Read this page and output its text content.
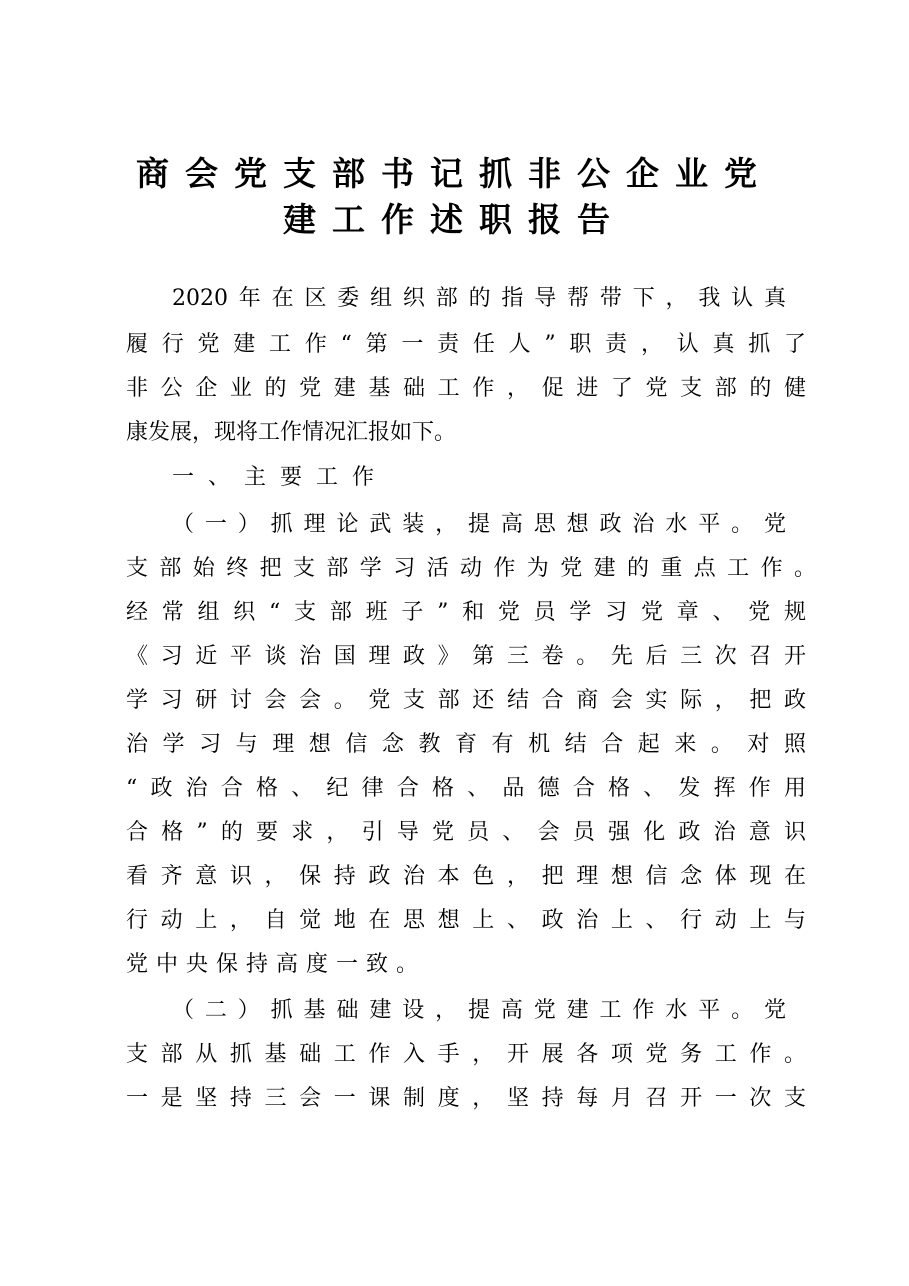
商会党支部书记抓非公企业党
建工作述职报告
2020年在区委组织部的指导帮带下，我认真
履行党建工作“第一责任人”职责，认真抓了
非公企业的党建基础工作，促进了党支部的健
康发展，现将工作情况汇报如下。
一、主要工作
（一）抓理论武装，提高思想政治水平。党
支部始终把支部学习活动作为党建的重点工作。
经常组织“支部班子”和党员学习党章、党规
《习近平谈治国理政》第三卷。先后三次召开
学习研讨会会。党支部还结合商会实际，把政
治学习与理想信念教育有机结合起来。对照
“政治合格、纪律合格、品德合格、发挥作用
合格”的要求，引导党员、会员强化政治意识
看齐意识，保持政治本色，把理想信念体现在
行动上，自觉地在思想上、政治上、行动上与
党中央保持高度一致。
（二）抓基础建设，提高党建工作水平。党
支部从抓基础工作入手，开展各项党务工作。
一是坚持三会一课制度，坚持每月召开一次支
